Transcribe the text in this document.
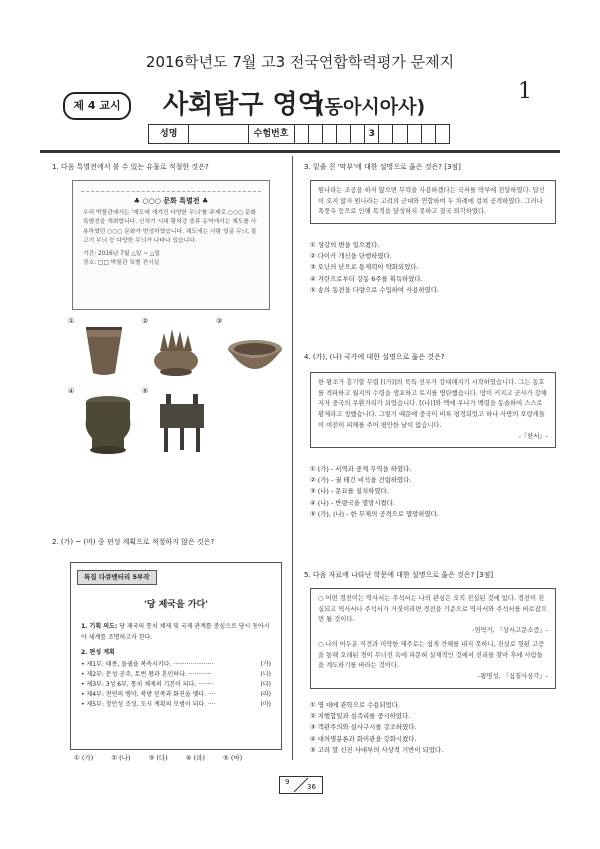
2016학년도 7월 고3 전국연합학력평가 문제지
1
제 4 교시	사회탐구 영역
(동아시아사)
성명	수험번호	3
1. 다음 특별전에서 볼 수 있는 유물로 적절한 것은?
♣ ○○○ 문화 특별전 ♣
우리 박물관에서는 '재도에 새겨진 다양한 무늬'를 주제로 ○○○ 문화 특별전을 개최합니다. 신석기 시대 황허강 중류 유역에서는 채도를 사용하였던 ○○○ 문화가 번성하였습니다. 채도에는 사람 얼굴 무늬, 물고기 무늬 등 다양한 무늬가 나타나 있습니다.
기간: 2016년 7월 △일 ~ △일
장소: □□ 박물관 특별 전시실
①	②	③
④	⑤
2. (가) ~ (마) 중 편성 계획으로 적절하지 않은 것은?
특집 다큐멘터리 5부작
'당 제국을 가다'
1. 기획 의도: 당 제국의 통치 체제 및 국제 관계를 중심으로 당시 동아시아 세계를 조명하고자 한다.
2. 편성 계획
• 제1부: 태종, 돌궐을 복속시키다. ·····················	(가)
• 제2부: 문성 공주, 토번 왕과 혼인하다. ············	(나)
• 제3부: 3성 6부, 통치 체제의 기본이 되다. ········	(다)
• 제4부: 전연의 맹약, 북방 민족과 화친을 맺다. ····	(라)
• 제5부: 장안성 조성, 도시 계획의 모범이 되다. ····	(마)
① (가)	② (나)	③ (다)	④ (라)	⑤ (마)
3. 밑줄 친 '막부'에 대한 설명으로 옳은 것은? [3점]
원나라는 조공을 하지 않으면 무력을 사용하겠다는 국서를 막부에 전달하였다. 답신이 오지 않자 원나라는 고려의 군대와 연합하여 두 차례에 걸쳐 공격하였다. 그러나 폭풍우 등으로 인해 목적을 달성하지 못하고 결국 퇴각하였다.
① 성강의 변을 일으켰다.
② 다이카 개신을 단행하였다.
③ 오닌의 난으로 통제력이 약화되었다.
④ 겨란으로부터 강동 6주를 획득하였다.
⑤ 송의 동전을 다량으로 수입하여 사용하였다.
4. (가), (나) 국가에 대한 설명으로 옳은 것은?
한 왕조가 흥기할 무렵 [(가)]의 묵특 선우가 강대해지기 시작하였습니다. 그는 동호를 격파하고 월지의 수령을 생포하고 토지를 병탄했습니다. 땅이 커지고 군사가 강해지자 중국의 우환거리가 되었습니다. [(나)]와 맥에 우나가 백령을 동솔하여 스스로 황제라고 칭했습니다. 그렇기 때문에 중국이 비록 평정되었고 하나 사방의 오랑캐들이 여전히 피해를 주어 평안한 날이 없습니다.
-『한서』-
① (가) - 서역과 중계 무역을 하였다.
② (가) - 궐 테긴 비석을 건립하였다.
③ (나) - 문묘를 설치하였다.
④ (나) - 반량국을 멸망시켰다.
⑤ (가), (나) - 한 무제의 공격으로 멸망하였다.
5. 다음 자료에 나타난 학문에 대한 설명으로 옳은 것은? [3점]
○ 어떤 경전이는 역사서는 주석서는 나의 관심은 오직 진실된 것에 있다. 경전이 진실되고 역사서나 주석서가 거짓이라면 경전을 기준으로 역사서와 주석서를 바로잡으면 될 것이다.
-염약거, 『상서고문소증』-
○ 나의 어두운 식견과 미약한 재주로는 쉽게 견해를 내지 못하니, 진실로 헛된 고증을 통해 오래된 경이 무너진 옥에 파문혀 실제적인 것에서 진리를 찾아 후에 사람들을 계도하기를 바라는 것이다.
-왕명성, 『십칠사상각』-
① 명 대에 관학으로 수용되었다.
② 지행합일과 심즉리를 중시하였다.
③ 객관주의와 실사구시를 강조하였다.
④ 대의명분론과 화이관을 강화시켰다.
⑤ 고려 말 신진 사대부의 사상적 기반이 되었다.
9
36
